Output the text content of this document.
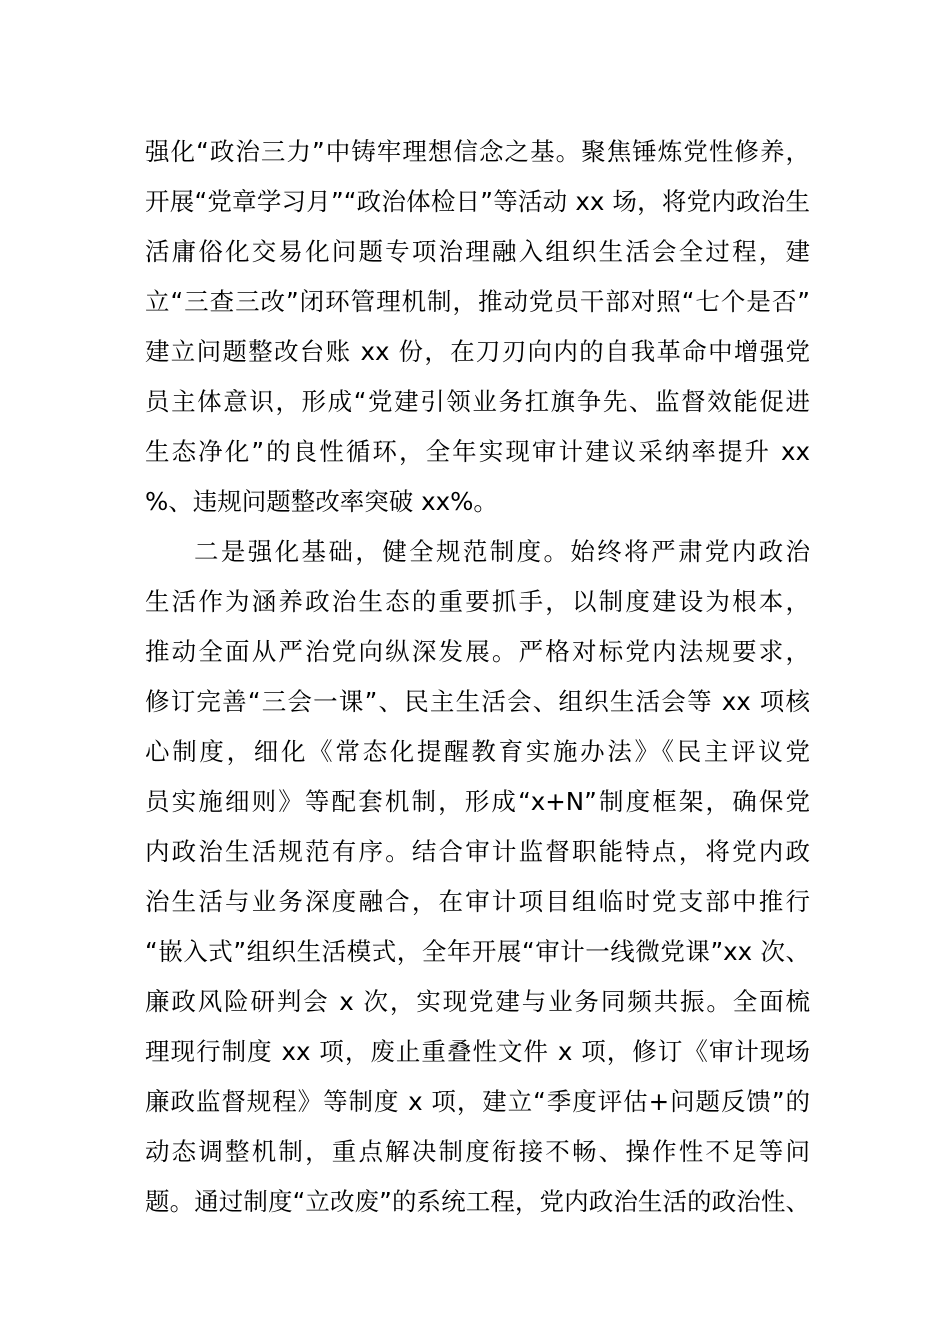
强化“政治三力”中铸牢理想信念之基。聚焦锤炼党性修养，
开展“党章学习月”“政治体检日”等活动 xx 场，将党内政治生
活庸俗化交易化问题专项治理融入组织生活会全过程，建
立“三查三改”闭环管理机制，推动党员干部对照“七个是否”
建立问题整改台账 xx 份，在刀刃向内的自我革命中增强党
员主体意识，形成“党建引领业务扛旗争先、监督效能促进
生态净化”的良性循环，全年实现审计建议采纳率提升 xx
%、违规问题整改率突破 xx%。
二是强化基础，健全规范制度。始终将严肃党内政治
生活作为涵养政治生态的重要抓手，以制度建设为根本，
推动全面从严治党向纵深发展。严格对标党内法规要求，
修订完善“三会一课”、民主生活会、组织生活会等 xx 项核
心制度，细化《常态化提醒教育实施办法》《民主评议党
员实施细则》等配套机制，形成“x+N”制度框架，确保党
内政治生活规范有序。结合审计监督职能特点，将党内政
治生活与业务深度融合，在审计项目组临时党支部中推行
“嵌入式”组织生活模式，全年开展“审计一线微党课”xx 次、
廉政风险研判会 x 次，实现党建与业务同频共振。全面梳
理现行制度 xx 项，废止重叠性文件 x 项，修订《审计现场
廉政监督规程》等制度 x 项，建立“季度评估+问题反馈”的
动态调整机制，重点解决制度衔接不畅、操作性不足等问
题。通过制度“立改废”的系统工程，党内政治生活的政治性、
